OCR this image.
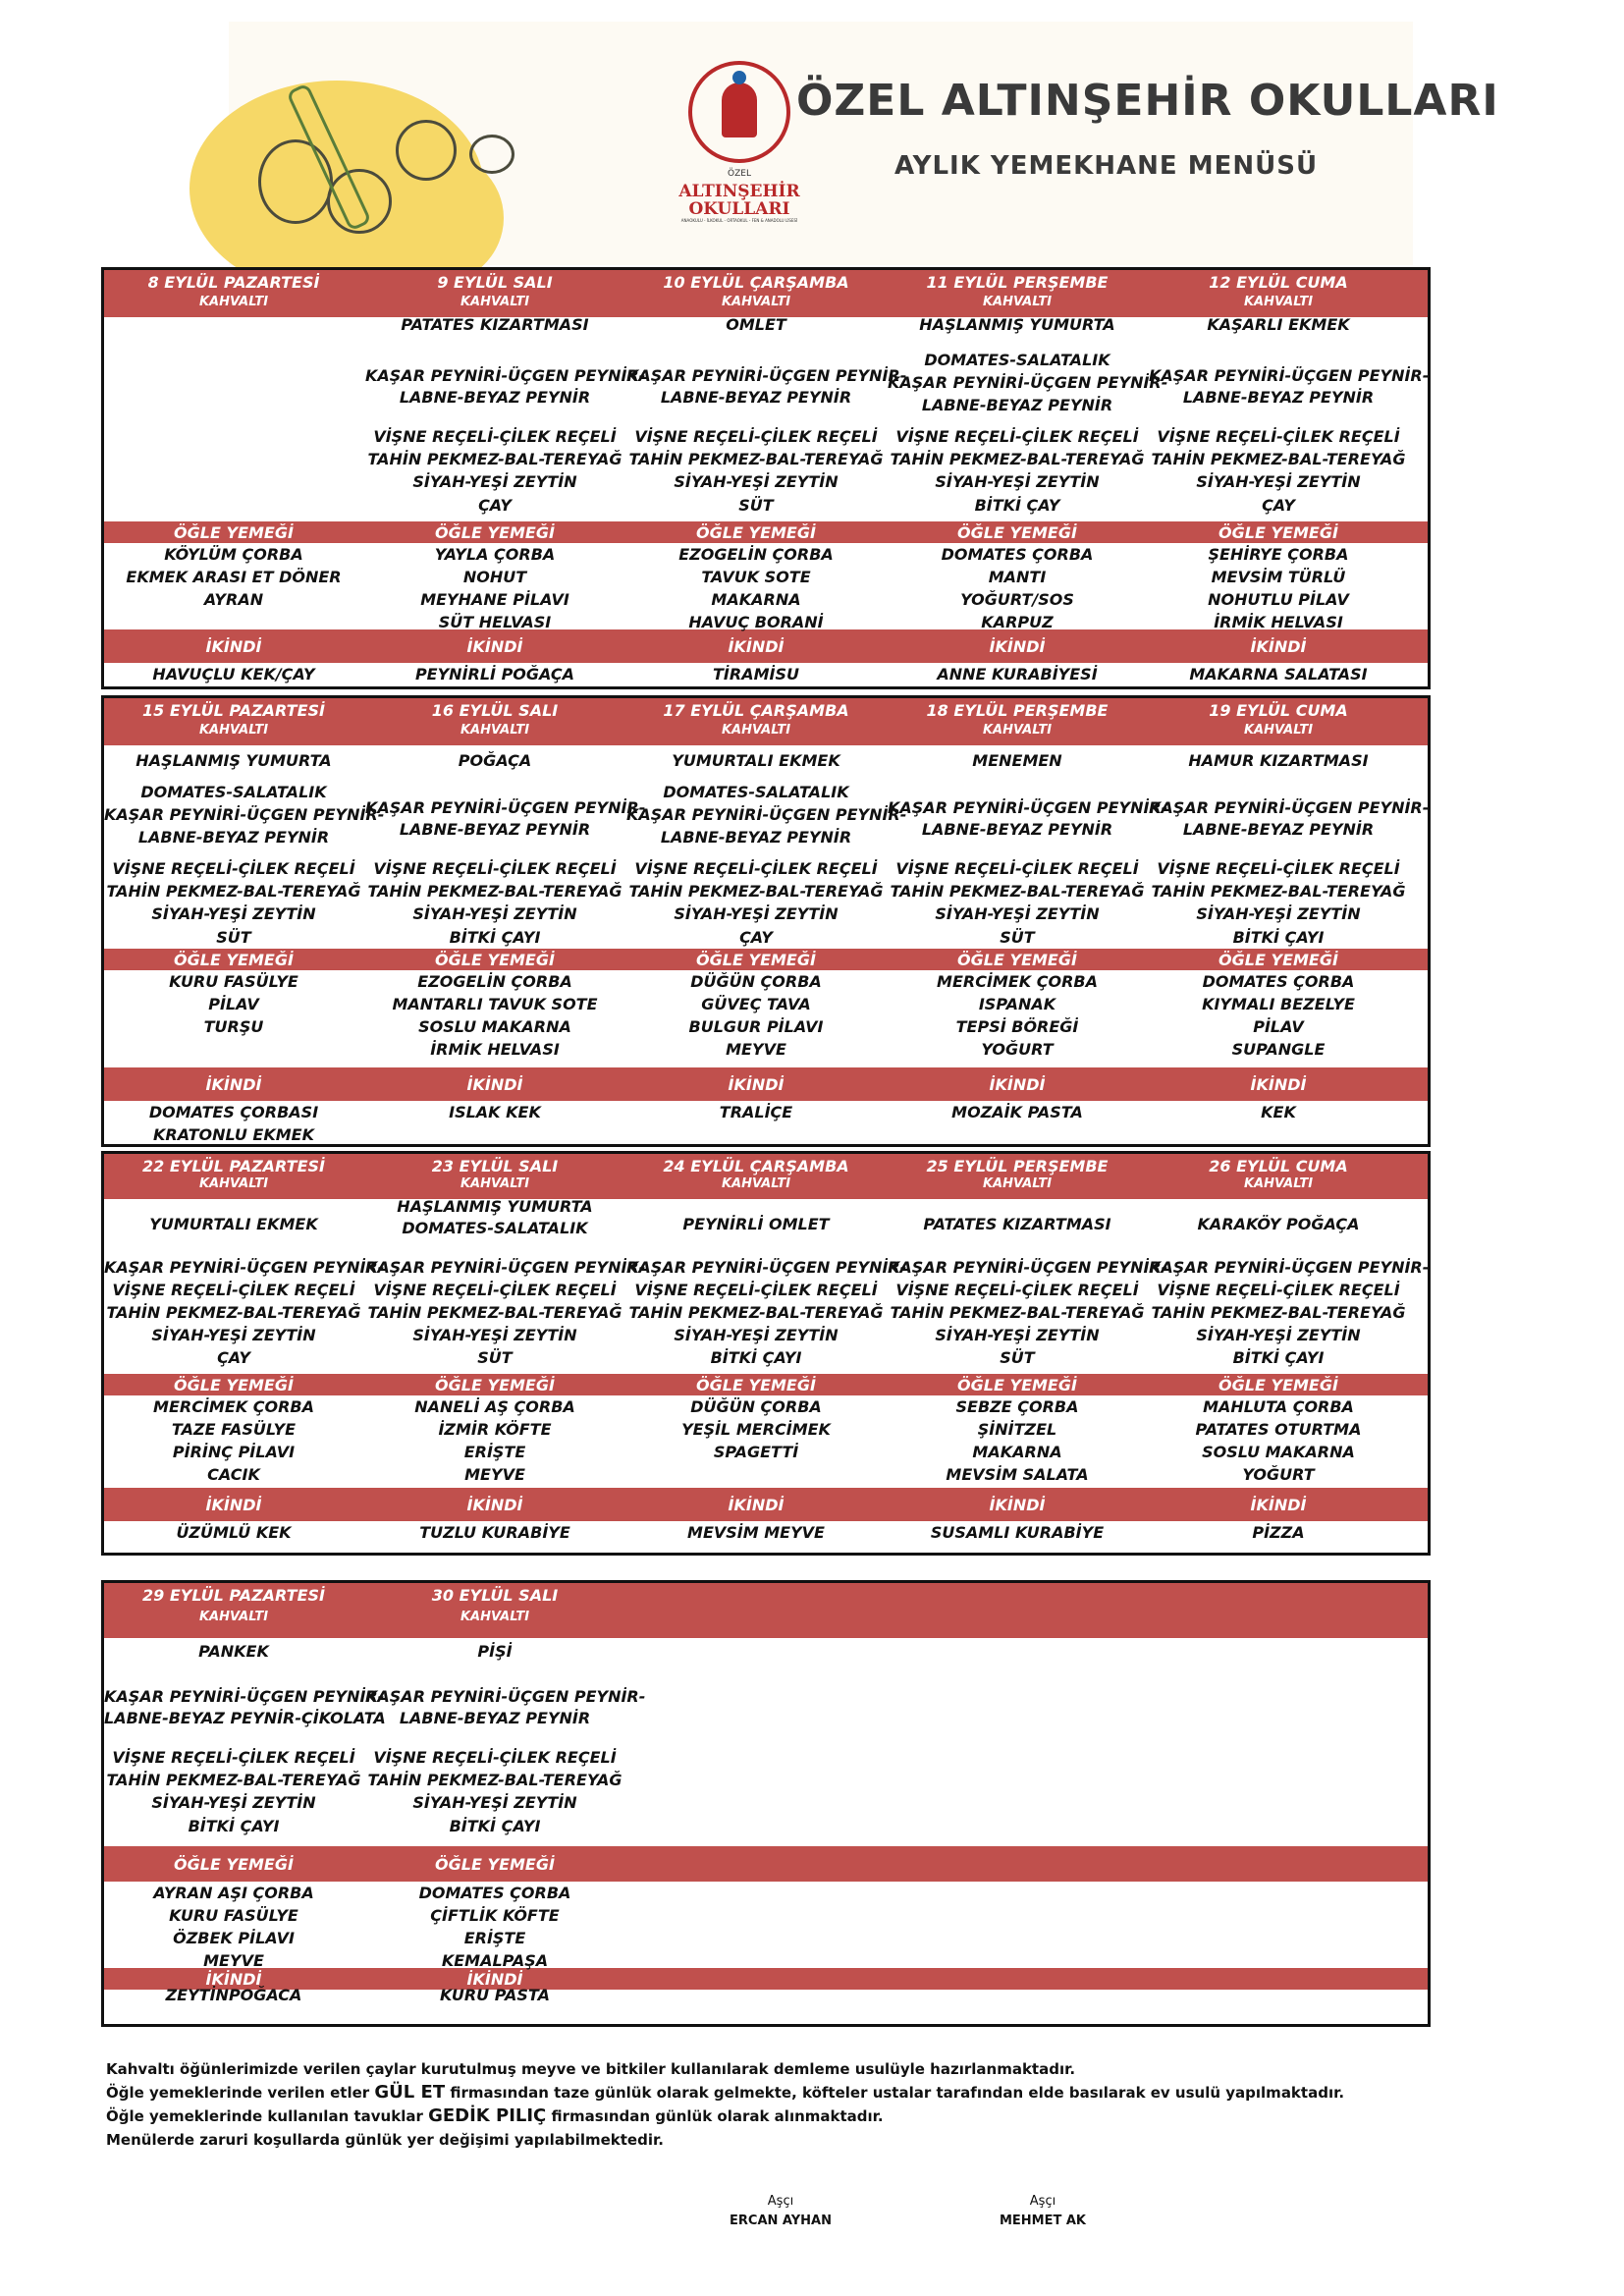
ÖZEL
ALTINŞEHİR
OKULLARI
ANAOKULU - İLKOKUL - ORTAOKUL - FEN & ANADOLU LİSESİ
ÖZEL ALTINŞEHİR OKULLARI
AYLIK YEMEKHANE MENÜSÜ
8 EYLÜL PAZARTESİ
KAHVALTI
ÖĞLE YEMEĞİ
KÖYLÜM ÇORBA
EKMEK ARASI ET DÖNER
AYRAN
İKİNDİ
HAVUÇLU KEK/ÇAY
9 EYLÜL SALI
KAHVALTI
PATATES KIZARTMASI
KAŞAR PEYNİRİ-ÜÇGEN PEYNİR-
LABNE-BEYAZ PEYNİR
VİŞNE REÇELİ-ÇİLEK REÇELİ
TAHİN PEKMEZ-BAL-TEREYAĞ
SİYAH-YEŞİ ZEYTİN
ÇAY
ÖĞLE YEMEĞİ
YAYLA ÇORBA
NOHUT
MEYHANE PİLAVI
SÜT HELVASI
İKİNDİ
PEYNİRLİ POĞAÇA
10 EYLÜL ÇARŞAMBA
KAHVALTI
OMLET
KAŞAR PEYNİRİ-ÜÇGEN PEYNİR-
LABNE-BEYAZ PEYNİR
VİŞNE REÇELİ-ÇİLEK REÇELİ
TAHİN PEKMEZ-BAL-TEREYAĞ
SİYAH-YEŞİ ZEYTİN
SÜT
ÖĞLE YEMEĞİ
EZOGELİN ÇORBA
TAVUK SOTE
MAKARNA
HAVUÇ BORANİ
İKİNDİ
TİRAMİSU
11 EYLÜL PERŞEMBE
KAHVALTI
HAŞLANMIŞ YUMURTA
DOMATES-SALATALIK
KAŞAR PEYNİRİ-ÜÇGEN PEYNİR-
LABNE-BEYAZ PEYNİR
VİŞNE REÇELİ-ÇİLEK REÇELİ
TAHİN PEKMEZ-BAL-TEREYAĞ
SİYAH-YEŞİ ZEYTİN
BİTKİ ÇAY
ÖĞLE YEMEĞİ
DOMATES ÇORBA
MANTI
YOĞURT/SOS
KARPUZ
İKİNDİ
ANNE KURABİYESİ
12 EYLÜL CUMA
KAHVALTI
KAŞARLI EKMEK
KAŞAR PEYNİRİ-ÜÇGEN PEYNİR-
LABNE-BEYAZ PEYNİR
VİŞNE REÇELİ-ÇİLEK REÇELİ
TAHİN PEKMEZ-BAL-TEREYAĞ
SİYAH-YEŞİ ZEYTİN
ÇAY
ÖĞLE YEMEĞİ
ŞEHİRYE ÇORBA
MEVSİM TÜRLÜ
NOHUTLU PİLAV
İRMİK HELVASI
İKİNDİ
MAKARNA SALATASI
15 EYLÜL PAZARTESİ
KAHVALTI
HAŞLANMIŞ YUMURTA
DOMATES-SALATALIK
KAŞAR PEYNİRİ-ÜÇGEN PEYNİR-
LABNE-BEYAZ PEYNİR
VİŞNE REÇELİ-ÇİLEK REÇELİ
TAHİN PEKMEZ-BAL-TEREYAĞ
SİYAH-YEŞİ ZEYTİN
SÜT
ÖĞLE YEMEĞİ
KURU FASÜLYE
PİLAV
TURŞU
İKİNDİ
DOMATES ÇORBASI
KRATONLU EKMEK
16 EYLÜL SALI
KAHVALTI
POĞAÇA
KAŞAR PEYNİRİ-ÜÇGEN PEYNİR-
LABNE-BEYAZ PEYNİR
VİŞNE REÇELİ-ÇİLEK REÇELİ
TAHİN PEKMEZ-BAL-TEREYAĞ
SİYAH-YEŞİ ZEYTİN
BİTKİ ÇAYI
ÖĞLE YEMEĞİ
EZOGELİN ÇORBA
MANTARLI TAVUK SOTE
SOSLU MAKARNA
İRMİK HELVASI
İKİNDİ
ISLAK KEK
17 EYLÜL ÇARŞAMBA
KAHVALTI
YUMURTALI EKMEK
DOMATES-SALATALIK
KAŞAR PEYNİRİ-ÜÇGEN PEYNİR-
LABNE-BEYAZ PEYNİR
VİŞNE REÇELİ-ÇİLEK REÇELİ
TAHİN PEKMEZ-BAL-TEREYAĞ
SİYAH-YEŞİ ZEYTİN
ÇAY
ÖĞLE YEMEĞİ
DÜĞÜN ÇORBA
GÜVEÇ TAVA
BULGUR PİLAVI
MEYVE
İKİNDİ
TRALİÇE
18 EYLÜL PERŞEMBE
KAHVALTI
MENEMEN
KAŞAR PEYNİRİ-ÜÇGEN PEYNİR-
LABNE-BEYAZ PEYNİR
VİŞNE REÇELİ-ÇİLEK REÇELİ
TAHİN PEKMEZ-BAL-TEREYAĞ
SİYAH-YEŞİ ZEYTİN
SÜT
ÖĞLE YEMEĞİ
MERCİMEK ÇORBA
ISPANAK
TEPSİ BÖREĞİ
YOĞURT
İKİNDİ
MOZAİK PASTA
19 EYLÜL CUMA
KAHVALTI
HAMUR KIZARTMASI
KAŞAR PEYNİRİ-ÜÇGEN PEYNİR-
LABNE-BEYAZ PEYNİR
VİŞNE REÇELİ-ÇİLEK REÇELİ
TAHİN PEKMEZ-BAL-TEREYAĞ
SİYAH-YEŞİ ZEYTİN
BİTKİ ÇAYI
ÖĞLE YEMEĞİ
DOMATES ÇORBA
KIYMALI BEZELYE
PİLAV
SUPANGLE
İKİNDİ
KEK
22 EYLÜL PAZARTESİ
KAHVALTI
YUMURTALI EKMEK
KAŞAR PEYNİRİ-ÜÇGEN PEYNİR-
VİŞNE REÇELİ-ÇİLEK REÇELİ
TAHİN PEKMEZ-BAL-TEREYAĞ
SİYAH-YEŞİ ZEYTİN
ÇAY
ÖĞLE YEMEĞİ
MERCİMEK ÇORBA
TAZE FASÜLYE
PİRİNÇ PİLAVI
CACIK
İKİNDİ
ÜZÜMLÜ KEK
23 EYLÜL SALI
KAHVALTI
HAŞLANMIŞ YUMURTA
DOMATES-SALATALIK
KAŞAR PEYNİRİ-ÜÇGEN PEYNİR-
VİŞNE REÇELİ-ÇİLEK REÇELİ
TAHİN PEKMEZ-BAL-TEREYAĞ
SİYAH-YEŞİ ZEYTİN
SÜT
ÖĞLE YEMEĞİ
NANELİ AŞ ÇORBA
İZMİR KÖFTE
ERİŞTE
MEYVE
İKİNDİ
TUZLU KURABİYE
24 EYLÜL ÇARŞAMBA
KAHVALTI
PEYNİRLİ OMLET
KAŞAR PEYNİRİ-ÜÇGEN PEYNİR-
VİŞNE REÇELİ-ÇİLEK REÇELİ
TAHİN PEKMEZ-BAL-TEREYAĞ
SİYAH-YEŞİ ZEYTİN
BİTKİ ÇAYI
ÖĞLE YEMEĞİ
DÜĞÜN ÇORBA
YEŞİL MERCİMEK
SPAGETTİ
İKİNDİ
MEVSİM MEYVE
25 EYLÜL PERŞEMBE
KAHVALTI
PATATES KIZARTMASI
KAŞAR PEYNİRİ-ÜÇGEN PEYNİR-
VİŞNE REÇELİ-ÇİLEK REÇELİ
TAHİN PEKMEZ-BAL-TEREYAĞ
SİYAH-YEŞİ ZEYTİN
SÜT
ÖĞLE YEMEĞİ
SEBZE ÇORBA
ŞİNİTZEL
MAKARNA
MEVSİM SALATA
İKİNDİ
SUSAMLI KURABİYE
26 EYLÜL CUMA
KAHVALTI
KARAKÖY POĞAÇA
KAŞAR PEYNİRİ-ÜÇGEN PEYNİR-
VİŞNE REÇELİ-ÇİLEK REÇELİ
TAHİN PEKMEZ-BAL-TEREYAĞ
SİYAH-YEŞİ ZEYTİN
BİTKİ ÇAYI
ÖĞLE YEMEĞİ
MAHLUTA ÇORBA
PATATES OTURTMA
SOSLU MAKARNA
YOĞURT
İKİNDİ
PİZZA
29 EYLÜL PAZARTESİ
KAHVALTI
PANKEK
KAŞAR PEYNİRİ-ÜÇGEN PEYNİR-
LABNE-BEYAZ PEYNİR-ÇİKOLATA
VİŞNE REÇELİ-ÇİLEK REÇELİ
TAHİN PEKMEZ-BAL-TEREYAĞ
SİYAH-YEŞİ ZEYTİN
BİTKİ ÇAYI
ÖĞLE YEMEĞİ
AYRAN AŞI ÇORBA
KURU FASÜLYE
ÖZBEK PİLAVI
MEYVE
İKİNDİ
ZEYTİNPOĞACA
30 EYLÜL SALI
KAHVALTI
PİŞİ
KAŞAR PEYNİRİ-ÜÇGEN PEYNİR-
LABNE-BEYAZ PEYNİR
VİŞNE REÇELİ-ÇİLEK REÇELİ
TAHİN PEKMEZ-BAL-TEREYAĞ
SİYAH-YEŞİ ZEYTİN
BİTKİ ÇAYI
ÖĞLE YEMEĞİ
DOMATES ÇORBA
ÇİFTLİK KÖFTE
ERİŞTE
KEMALPAŞA
İKİNDİ
KURU PASTA
Kahvaltı öğünlerimizde verilen çaylar kurutulmuş meyve ve bitkiler kullanılarak demleme usulüyle hazırlanmaktadır.
Öğle yemeklerinde verilen etler GÜL ET firmasından taze günlük olarak gelmekte, köfteler ustalar tarafından elde basılarak ev usulü yapılmaktadır.
Öğle yemeklerinde kullanılan tavuklar GEDİK PILIÇ firmasından günlük olarak alınmaktadır.
Menülerde zaruri koşullarda günlük yer değişimi yapılabilmektedir.
Aşçı
ERCAN AYHAN
Aşçı
MEHMET AK
